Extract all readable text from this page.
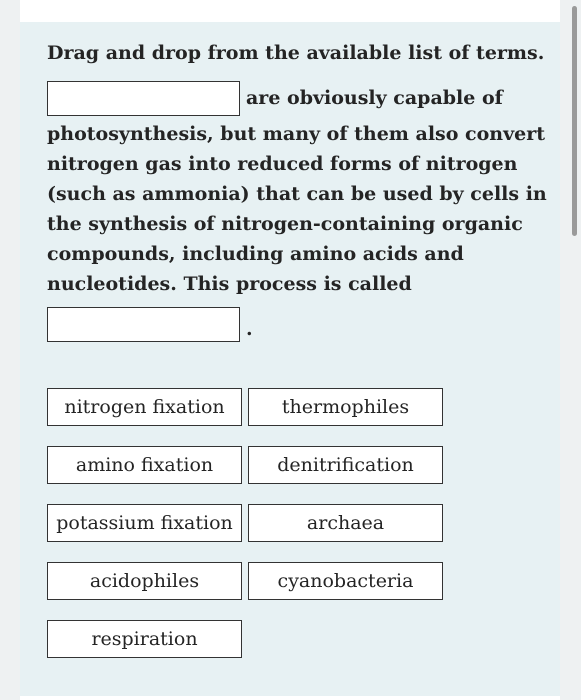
Drag and drop from the available list of terms.
are obviously capable of
photosynthesis, but many of them also convert nitrogen gas into reduced forms of nitrogen (such as ammonia) that can be used by cells in the synthesis of nitrogen-containing organic compounds, including amino acids and nucleotides. This process is called
.
nitrogen fixation	thermophiles
amino fixation	denitrification
potassium fixation	archaea
acidophiles	cyanobacteria
respiration
